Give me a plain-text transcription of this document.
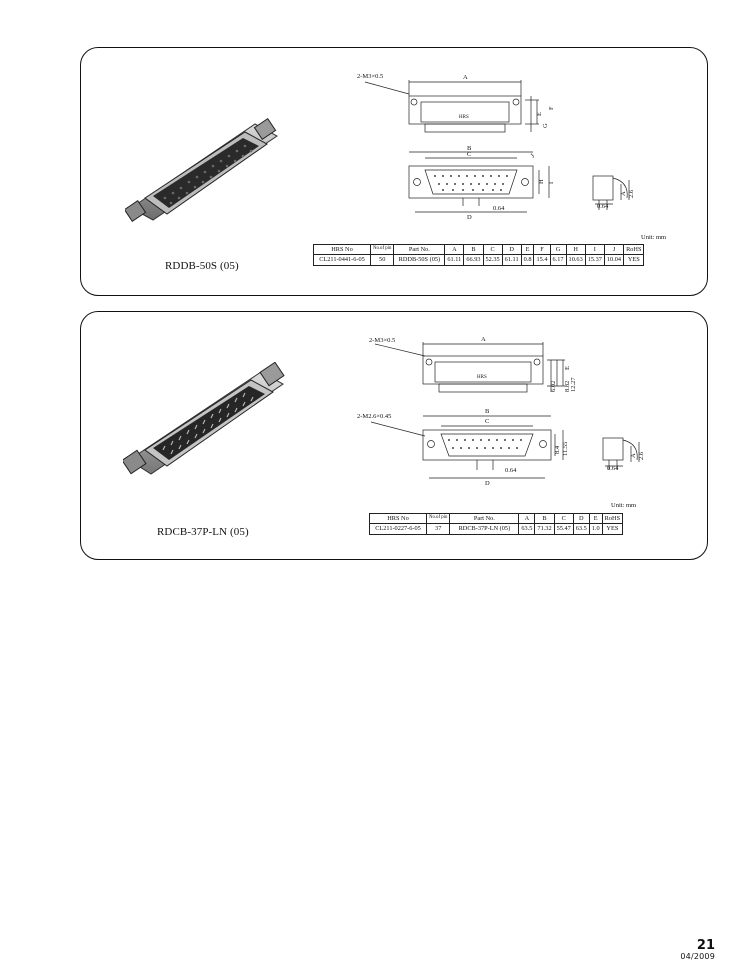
RDDB-50S (05)
2-M3×0.5	A
B
C
D
E
F
G
H I
J
0.64	0.64
A 2.6
HRS
Unit: mm
HRS No	No.of pin	Part No.	A	B	C	D	E	F	G	H	I	J	RoHS
CL211-0441-6-05	50	RDDB-50S (05)	61.11	66.93	52.35	61.11	0.8	15.4	6.17	10.63	15.37	10.04	YES
RDCB-37P-LN (05)
2-M3×0.5
2-M2.6×0.45
A
B
C
D
E
6.02 8.82 12.27
8.4 11.55
0.64	0.64
A 2.6
HRS
Unit: mm
HRS No	No.of pin	Part No.	A	B	C	D	E	RoHS
CL211-0227-6-05	37	RDCB-37P-LN (05)	63.5	71.32	55.47	63.5	1.0	YES
21
04/2009
